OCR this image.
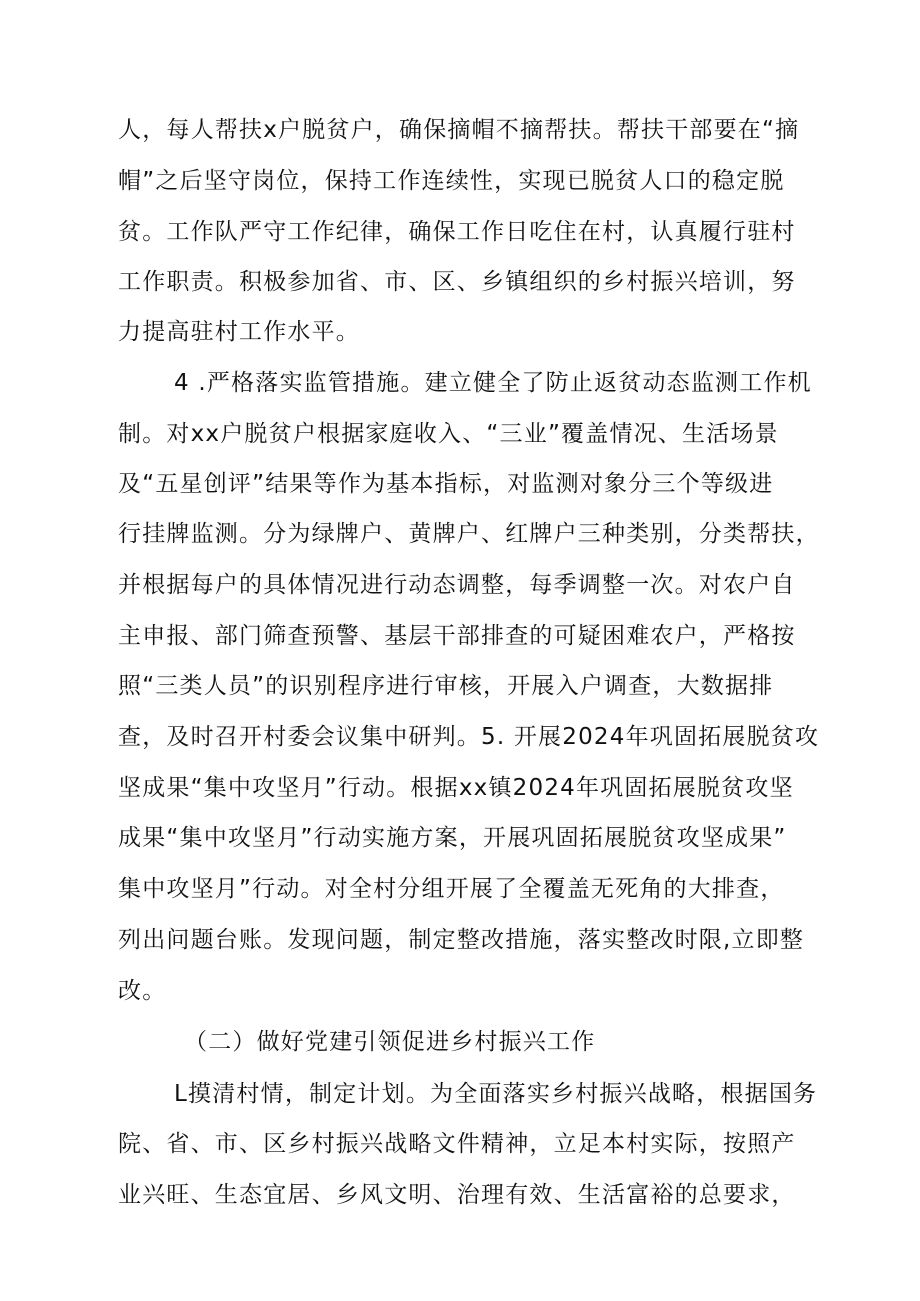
人，每人帮扶x户脱贫户，确保摘帽不摘帮扶。帮扶干部要在“摘
帽”之后坚守岗位，保持工作连续性，实现已脱贫人口的稳定脱
贫。工作队严守工作纪律，确保工作日吃住在村，认真履行驻村
工作职责。积极参加省、市、区、乡镇组织的乡村振兴培训，努
力提高驻村工作水平。
4 .严格落实监管措施。建立健全了防止返贫动态监测工作机
制。对xx户脱贫户根据家庭收入、“三业”覆盖情况、生活场景
及“五星创评”结果等作为基本指标，对监测对象分三个等级进
行挂牌监测。分为绿牌户、黄牌户、红牌户三种类别，分类帮扶，
并根据每户的具体情况进行动态调整，每季调整一次。对农户自
主申报、部门筛查预警、基层干部排查的可疑困难农户，严格按
照“三类人员”的识别程序进行审核，开展入户调查，大数据排
查，及时召开村委会议集中研判。5. 开展2024年巩固拓展脱贫攻
坚成果“集中攻坚月”行动。根据xx镇2024年巩固拓展脱贫攻坚
成果“集中攻坚月”行动实施方案，开展巩固拓展脱贫攻坚成果”
集中攻坚月”行动。对全村分组开展了全覆盖无死角的大排查，
列出问题台账。发现问题，制定整改措施，落实整改时限,立即整
改。
（二）做好党建引领促进乡村振兴工作
L摸清村情，制定计划。为全面落实乡村振兴战略，根据国务
院、省、市、区乡村振兴战略文件精神，立足本村实际，按照产
业兴旺、生态宜居、乡风文明、治理有效、生活富裕的总要求，
